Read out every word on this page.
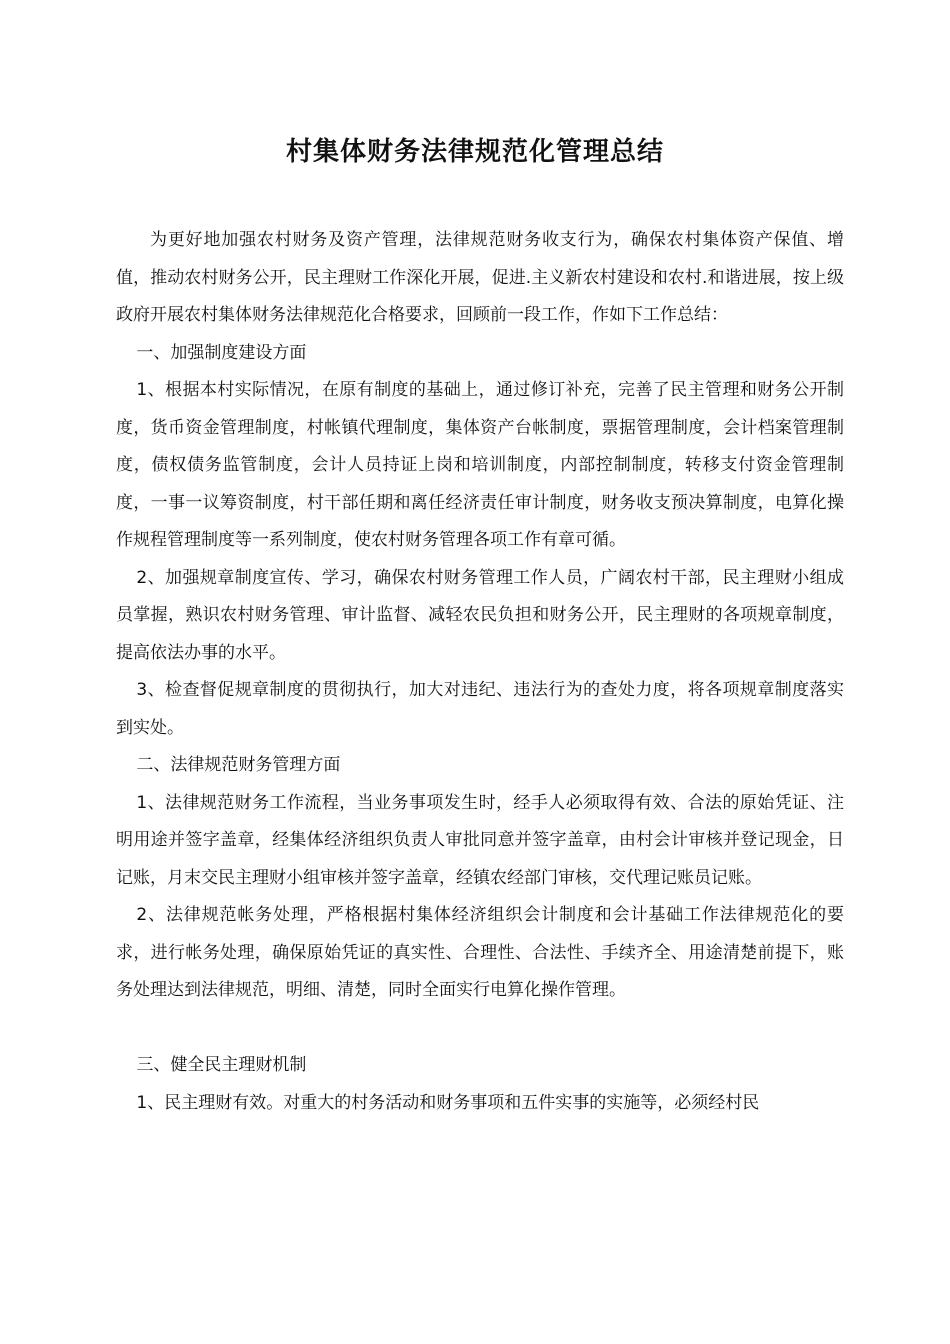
村集体财务法律规范化管理总结

为更好地加强农村财务及资产管理，法律规范财务收支行为，确保农村集体资产保值、增值，推动农村财务公开，民主理财工作深化开展，促进.主义新农村建设和农村.和谐进展，按上级政府开展农村集体财务法律规范化合格要求，回顾前一段工作，作如下工作总结：

一、加强制度建设方面

1、根据本村实际情况，在原有制度的基础上，通过修订补充，完善了民主管理和财务公开制度，货币资金管理制度，村帐镇代理制度，集体资产台帐制度，票据管理制度，会计档案管理制度，债权债务监管制度，会计人员持证上岗和培训制度，内部控制制度，转移支付资金管理制度，一事一议筹资制度，村干部任期和离任经济责任审计制度，财务收支预决算制度，电算化操作规程管理制度等一系列制度，使农村财务管理各项工作有章可循。

2、加强规章制度宣传、学习，确保农村财务管理工作人员，广阔农村干部，民主理财小组成员掌握，熟识农村财务管理、审计监督、减轻农民负担和财务公开，民主理财的各项规章制度，提高依法办事的水平。

3、检查督促规章制度的贯彻执行，加大对违纪、违法行为的查处力度，将各项规章制度落实到实处。

二、法律规范财务管理方面

1、法律规范财务工作流程，当业务事项发生时，经手人必须取得有效、合法的原始凭证、注明用途并签字盖章，经集体经济组织负责人审批同意并签字盖章，由村会计审核并登记现金，日记账，月末交民主理财小组审核并签字盖章，经镇农经部门审核，交代理记账员记账。

2、法律规范帐务处理，严格根据村集体经济组织会计制度和会计基础工作法律规范化的要求，进行帐务处理，确保原始凭证的真实性、合理性、合法性、手续齐全、用途清楚前提下，账务处理达到法律规范，明细、清楚，同时全面实行电算化操作管理。

三、健全民主理财机制

1、民主理财有效。对重大的村务活动和财务事项和五件实事的实施等，必须经村民
